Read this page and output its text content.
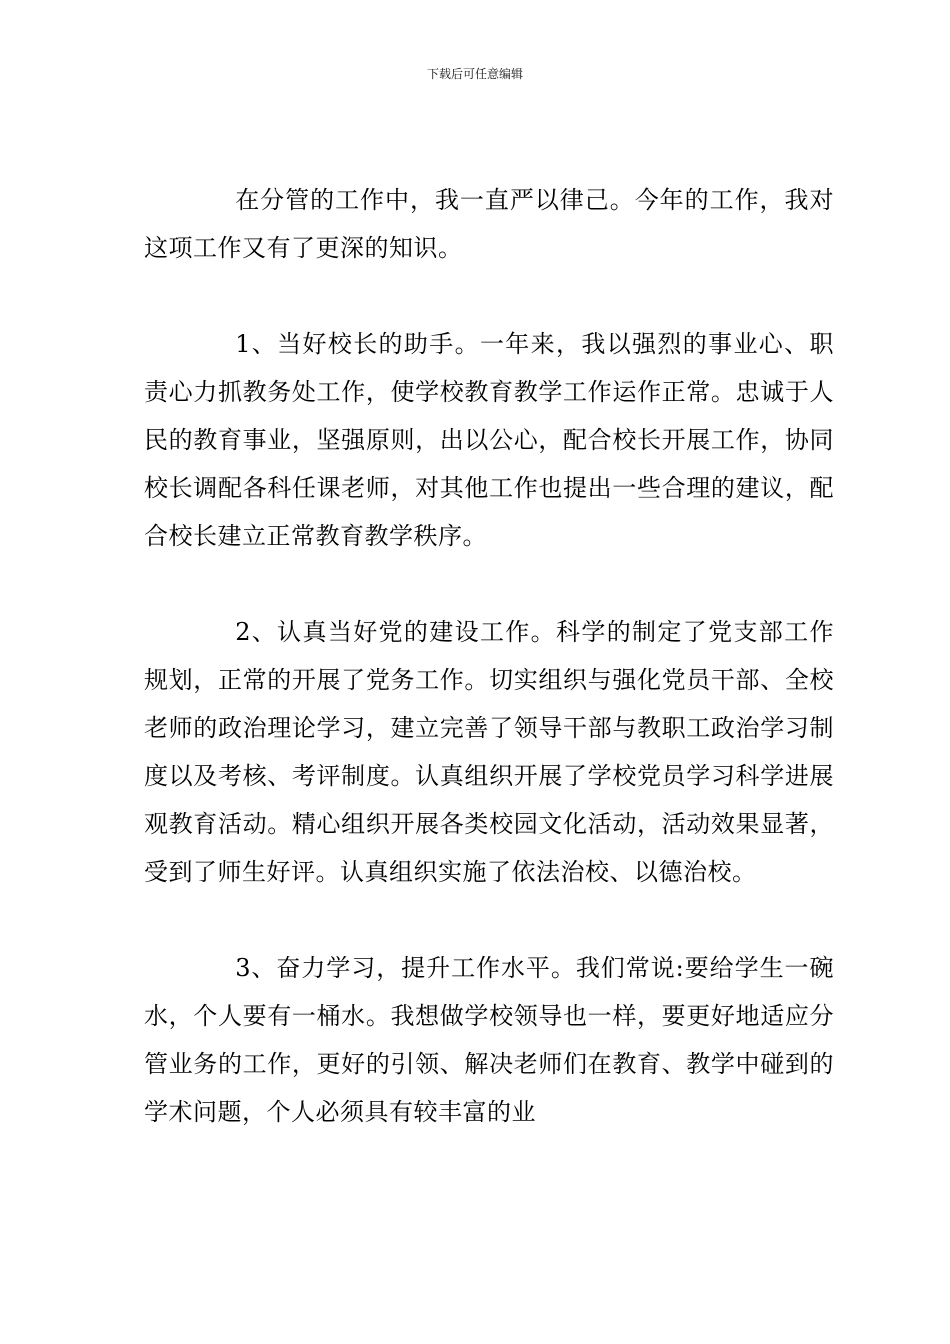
下载后可任意编辑

在分管的工作中，我一直严以律己。今年的工作，我对这项工作又有了更深的知识。

1、当好校长的助手。一年来，我以强烈的事业心、职责心力抓教务处工作，使学校教育教学工作运作正常。忠诚于人民的教育事业，坚强原则，出以公心，配合校长开展工作，协同校长调配各科任课老师，对其他工作也提出一些合理的建议，配合校长建立正常教育教学秩序。

2、认真当好党的建设工作。科学的制定了党支部工作规划，正常的开展了党务工作。切实组织与强化党员干部、全校老师的政治理论学习，建立完善了领导干部与教职工政治学习制度以及考核、考评制度。认真组织开展了学校党员学习科学进展观教育活动。精心组织开展各类校园文化活动，活动效果显著，受到了师生好评。认真组织实施了依法治校、以德治校。

3、奋力学习，提升工作水平。我们常说:要给学生一碗水，个人要有一桶水。我想做学校领导也一样，要更好地适应分管业务的工作，更好的引领、解决老师们在教育、教学中碰到的学术问题，个人必须具有较丰富的业
